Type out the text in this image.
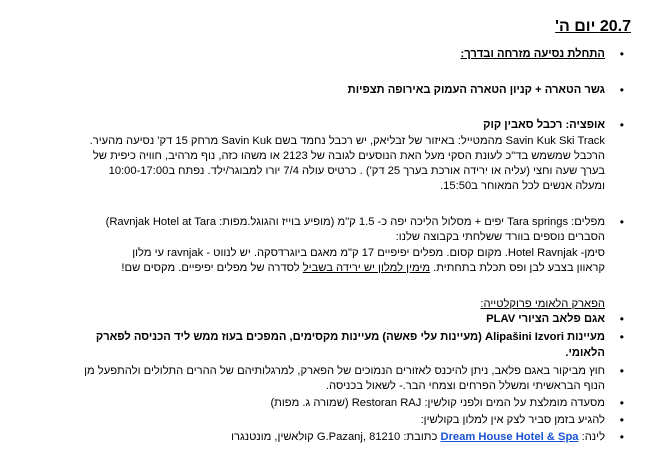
20.7 יום ה'
•
התחלת נסיעה מזרחה ובדרך:
•
גשר הטארה + קניון הטארה העמוק באירופה תצפיות
•
אופציה: רכבל סאבין קוק
Savin Kuk Ski Track מהמטייל: באיזור של זבליאק, יש רכבל נחמד בשם Savin Kuk מרחק 15 דק' נסיעה מהעיר.
הרכבל שמשמש בד"כ לעונת הסקי מעל האת הנוסעים לגובה של 2123 או משהו כזה, נוף מרהיב, חוויה כיפית של
בערך שעה וחצי (עליה או ירידה אורכת בערך 25 דק') . כרטיס עולה 7/4 יורו למבוגר/ילד. נפתח ב10:00-17:00
ומעלה אנשים לכל המאוחר ב15:50.
•
מפלים: Tara springs יפים + מסלול הליכה יפה כ- 1.5 ק"מ (מופיע בוייז והגוגל.מפות: Ravnjak Hotel at Tara)
הסברים נוספים בוורד ששלחתי בקבוצה שלנו:
סימן- Hotel Ravnjak. מקום קסום. מפלים יפיפיים 17 ק"מ מאגם ביוגרדסקה. יש לנווט - ravnjak עי מלון
קראוון בצבע לבן ופס תכלת בתחתית. מימין למלון יש ירידה בשביל לסדרה של מפלים יפיפיים. מקסים שם!
הפארק הלאומי פרוקלטייה:
•
אגם פלאב הציורי PLAV
•
מעיינות Alipašini Izvori (מעיינות עלי פאשה) מעיינות מקסימים, המפכים בעוז ממש ליד הכניסה לפארק
הלאומי.
•
חוץ מביקור באגם פלאב, ניתן להיכנס לאזורים הנמוכים של הפארק, למרגלותיהם של ההרים התלולים ולהתפעל מן
הנוף הבראשיתי ומשלל הפרחים וצמחי הבר.- לשאול בכניסה.
•
מסעדה מומלצת על המים ולפני קולשין: Restoran RAJ (שמורה ג. מפות)
•
להגיע בזמן סביר לצק אין למלון בקולשין:
•
לינה: Dream House Hotel & Spa כתובת: G.Pazanj, 81210 קולאשין, מונטנגרו
